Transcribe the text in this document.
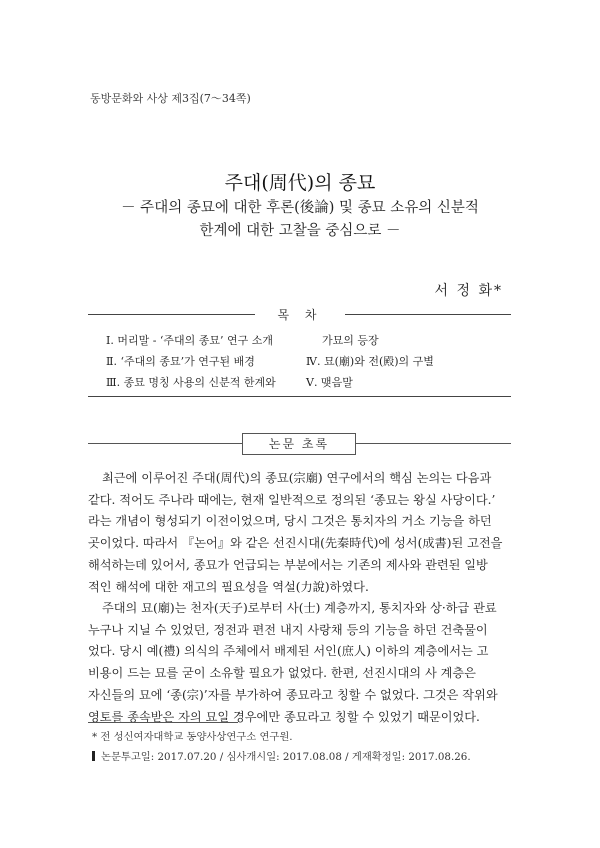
동방문화와 사상 제3집(7～34쪽)
주대(周代)의 종묘
－ 주대의 종묘에 대한 후론(後論) 및 종묘 소유의 신분적
한계에 대한 고찰을 중심으로 －
서 정 화*
목 차
Ⅰ. 머리말 - ‘주대의 종묘’ 연구 소개
Ⅱ. ‘주대의 종묘’가 연구된 배경
Ⅲ. 종묘 명칭 사용의 신분적 한계와
가묘의 등장
Ⅳ. 묘(廟)와 전(殿)의 구별
Ⅴ. 맺음말
논문 초록
최근에 이루어진 주대(周代)의 종묘(宗廟) 연구에서의 핵심 논의는 다음과
같다. 적어도 주나라 때에는, 현재 일반적으로 정의된 ‘종묘는 왕실 사당이다.’
라는 개념이 형성되기 이전이었으며, 당시 그것은 통치자의 거소 기능을 하던
곳이었다. 따라서 『논어』와 같은 선진시대(先秦時代)에 성서(成書)된 고전을
해석하는데 있어서, 종묘가 언급되는 부분에서는 기존의 제사와 관련된 일방
적인 해석에 대한 재고의 필요성을 역설(力說)하였다.
주대의 묘(廟)는 천자(天子)로부터 사(士) 계층까지, 통치자와 상·하급 관료
누구나 지닐 수 있었던, 정전과 편전 내지 사랑채 등의 기능을 하던 건축물이
었다. 당시 예(禮) 의식의 주체에서 배제된 서인(庶人) 이하의 계층에서는 고
비용이 드는 묘를 굳이 소유할 필요가 없었다. 한편, 선진시대의 사 계층은
자신들의 묘에 ‘종(宗)’자를 부가하여 종묘라고 칭할 수 없었다. 그것은 작위와
영토를 종속받은 자의 묘일 경우에만 종묘라고 칭할 수 있었기 때문이었다.
* 전 성신여자대학교 동양사상연구소 연구원.
논문투고일: 2017.07.20 / 심사개시일: 2017.08.08 / 게재확정일: 2017.08.26.
